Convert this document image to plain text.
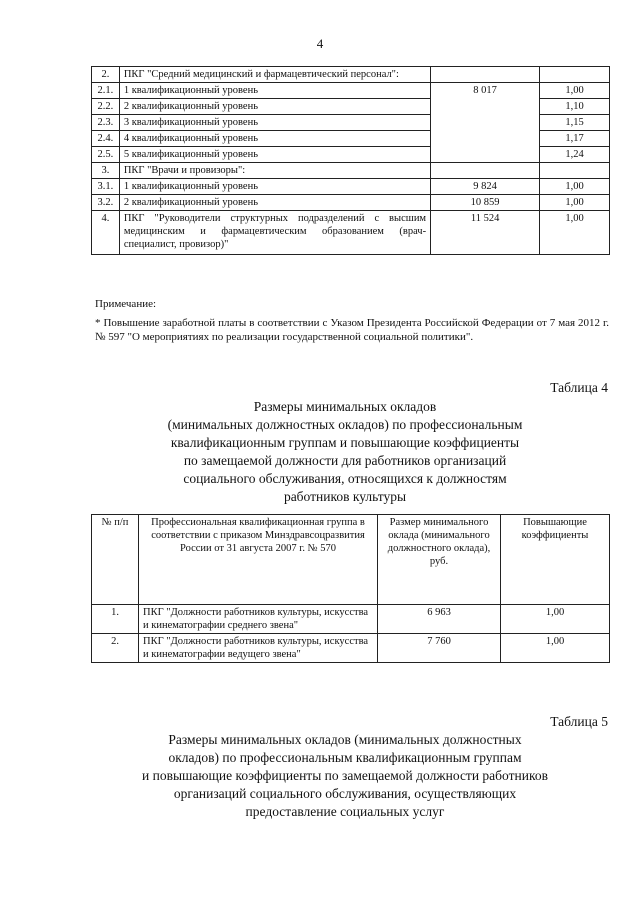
4
2.	ПКГ "Средний медицинский и фармацевтический персонал":		
2.1.	1 квалификационный уровень	8 017	1,00
2.2.	2 квалификационный уровень		1,10
2.3.	3 квалификационный уровень		1,15
2.4.	4 квалификационный уровень		1,17
2.5.	5 квалификационный уровень		1,24
3.	ПКГ "Врачи и провизоры":		
3.1.	1 квалификационный уровень	9 824	1,00
3.2.	2 квалификационный уровень	10 859	1,00
4.	ПКГ "Руководители структурных подразделений с высшим медицинским и фармацевтическим образованием (врач-специалист, провизор)"	11 524	1,00
Примечание:
* Повышение заработной платы в соответствии с Указом Президента Российской Федерации от 7 мая 2012 г. № 597 "О мероприятиях по реализации государственной социальной политики".
Таблица 4
Размеры минимальных окладов
(минимальных должностных окладов) по профессиональным
квалификационным группам и повышающие коэффициенты
по замещаемой должности для работников организаций
социального обслуживания, относящихся к должностям
работников культуры
№ п/п	Профессиональная квалификационная группа в соответствии с приказом Минздравсоцразвития России от 31 августа 2007 г. № 570	Размер минимального оклада (минимального должностного оклада), руб.	Повышающие коэффициенты
1.	ПКГ "Должности работников культуры, искусства и кинематографии среднего звена"	6 963	1,00
2.	ПКГ "Должности работников культуры, искусства и кинематографии ведущего звена"	7 760	1,00
Таблица 5
Размеры минимальных окладов (минимальных должностных
окладов) по профессиональным квалификационным группам
и повышающие коэффициенты по замещаемой должности работников
организаций социального обслуживания, осуществляющих
предоставление социальных услуг
